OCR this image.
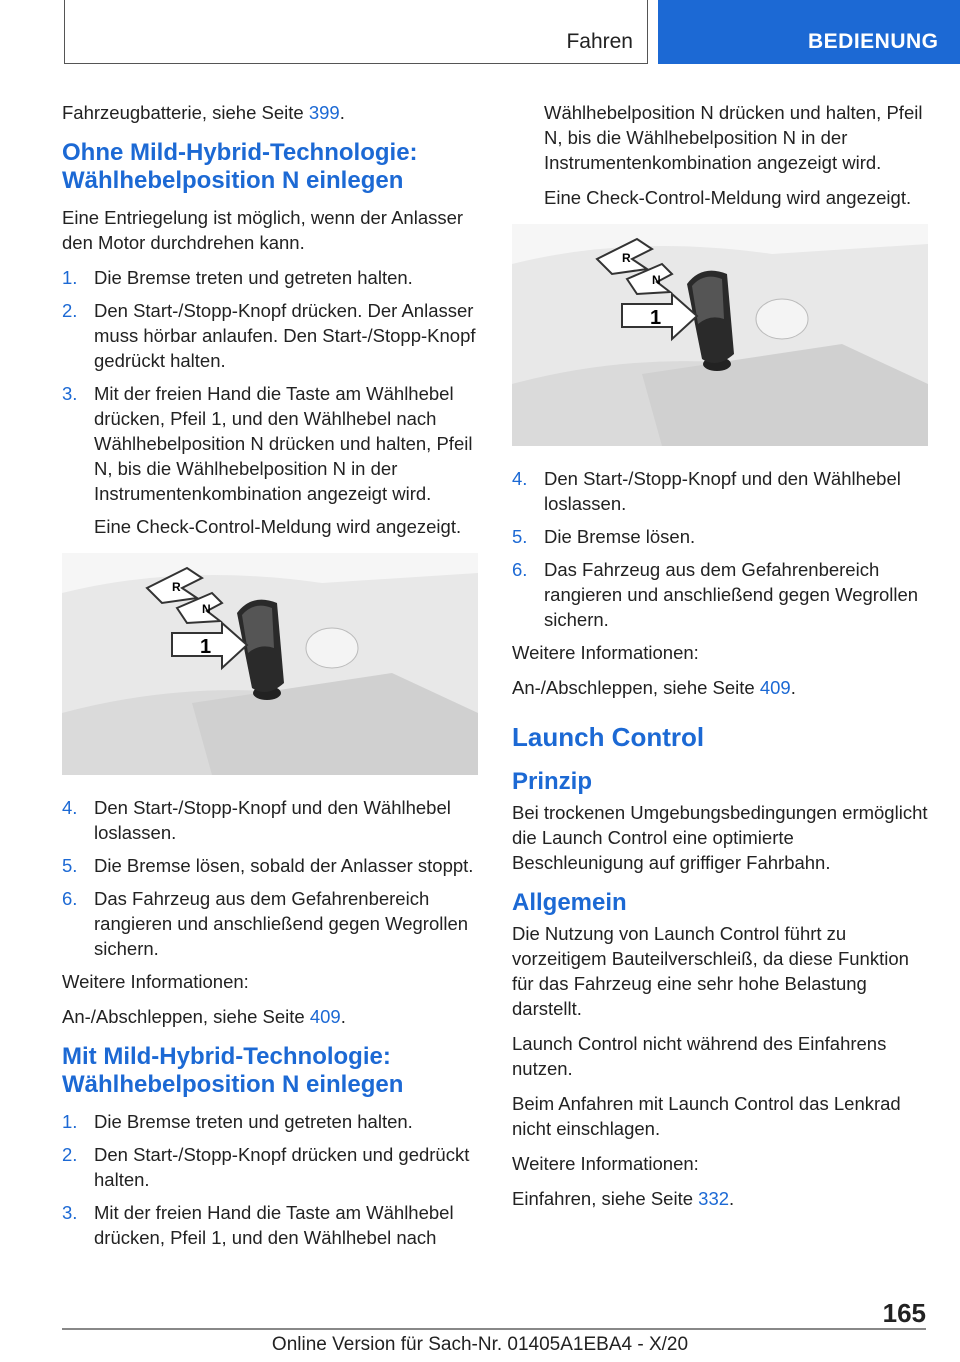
Fahren	BEDIENUNG

Fahrzeugbatterie, siehe Seite 399.

Ohne Mild-Hybrid-Technologie: Wählhebelposition N einlegen

Eine Entriegelung ist möglich, wenn der Anlasser den Motor durchdrehen kann.

1. Die Bremse treten und getreten halten.
2. Den Start-/Stopp-Knopf drücken. Der Anlasser muss hörbar anlaufen. Den Start-/Stopp-Knopf gedrückt halten.
3. Mit der freien Hand die Taste am Wählhebel drücken, Pfeil 1, und den Wählhebel nach Wählhebelposition N drücken und halten, Pfeil N, bis die Wählhebelposition N in der Instrumentenkombination angezeigt wird.

Eine Check-Control-Meldung wird angezeigt.

R
N
1
4. Den Start-/Stopp-Knopf und den Wählhebel loslassen.
5. Die Bremse lösen, sobald der Anlasser stoppt.
6. Das Fahrzeug aus dem Gefahrenbereich rangieren und anschließend gegen Wegrollen sichern.

Weitere Informationen:

An-/Abschleppen, siehe Seite 409.

Mit Mild-Hybrid-Technologie: Wählhebelposition N einlegen
1. Die Bremse treten und getreten halten.
2. Den Start-/Stopp-Knopf drücken und gedrückt halten.
3. Mit der freien Hand die Taste am Wählhebel drücken, Pfeil 1, und den Wählhebel nach

Wählhebelposition N drücken und halten, Pfeil N, bis die Wählhebelposition N in der Instrumentenkombination angezeigt wird.

Eine Check-Control-Meldung wird angezeigt.

R
N
1
4. Den Start-/Stopp-Knopf und den Wählhebel loslassen.
5. Die Bremse lösen.
6. Das Fahrzeug aus dem Gefahrenbereich rangieren und anschließend gegen Wegrollen sichern.

Weitere Informationen:

An-/Abschleppen, siehe Seite 409.

Launch Control
Prinzip

Bei trockenen Umgebungsbedingungen ermöglicht die Launch Control eine optimierte Beschleunigung auf griffiger Fahrbahn.

Allgemein

Die Nutzung von Launch Control führt zu vorzeitigem Bauteilverschleiß, da diese Funktion für das Fahrzeug eine sehr hohe Belastung darstellt.

Launch Control nicht während des Einfahrens nutzen.

Beim Anfahren mit Launch Control das Lenkrad nicht einschlagen.

Weitere Informationen:

Einfahren, siehe Seite 332.

165
Online Version für Sach-Nr. 01405A1EBA4 - X/20
